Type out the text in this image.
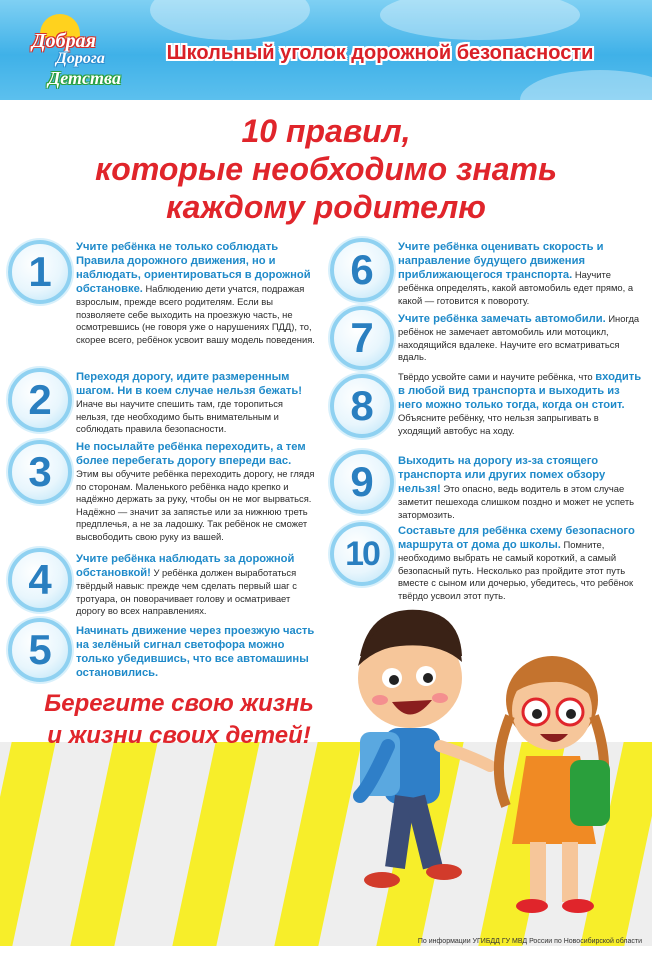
Добрая
Дорога
Детства
Школьный уголок дорожной безопасности
10 правил,
которые необходимо знать
каждому родителю
1
Учите ребёнка не только соблюдать Правила дорожного движения, но и наблюдать, ориентироваться в дорожной обстановке. Наблюдению дети учатся, подражая взрослым, прежде всего родителям. Если вы позволяете себе выходить на проезжую часть, не осмотревшись (не говоря уже о нарушениях ПДД), то, скорее всего, ребёнок усвоит вашу модель поведения.
2	Переходя дорогу, идите размеренным шагом. Ни в коем случае нельзя бежать! Иначе вы научите спешить там, где торопиться нельзя, где необходимо быть внимательным и соблюдать правила безопасности.
3
Не посылайте ребёнка переходить, а тем более перебегать дорогу впереди вас. Этим вы обучите ребёнка переходить дорогу, не глядя по сторонам. Маленького ребёнка надо крепко и надёжно держать за руку, чтобы он не мог вырваться. Надёжно — значит за запястье или за нижнюю треть предплечья, а не за ладошку. Так ребёнок не сможет высвободить свою руку из вашей.
4	Учите ребёнка наблюдать за дорожной обстановкой! У ребёнка должен выработаться твёрдый навык: прежде чем сделать первый шаг с тротуара, он поворачивает голову и осматривает дорогу во всех направлениях.
5	Начинать движение через проезжую часть на зелёный сигнал светофора можно только убедившись, что все автомашины остановились.
6	Учите ребёнка оценивать скорость и направление будущего движения приближающегося транспорта. Научите ребёнка определять, какой автомобиль едет прямо, а какой — готовится к повороту.
7	Учите ребёнка замечать автомобили. Иногда ребёнок не замечает автомобиль или мотоцикл, находящийся вдалеке. Научите его всматриваться вдаль.
8
Твёрдо усвойте сами и научите ребёнка, что входить в любой вид транспорта и выходить из него можно только тогда, когда он стоит. Объясните ребёнку, что нельзя запрыгивать в уходящий автобус на ходу.
9	Выходить на дорогу из-за стоящего транспорта или других помех обзору нельзя! Это опасно, ведь водитель в этом случае заметит пешехода слишком поздно и может не успеть затормозить.
10
Составьте для ребёнка схему безопасного маршрута от дома до школы. Помните, необходимо выбрать не самый короткий, а самый безопасный путь. Несколько раз пройдите этот путь вместе с сыном или дочерью, убедитесь, что ребёнок твёрдо усвоил этот путь.
Берегите свою жизнь
и жизни своих детей!
По информации УГИБДД ГУ МВД России по Новосибирской области
